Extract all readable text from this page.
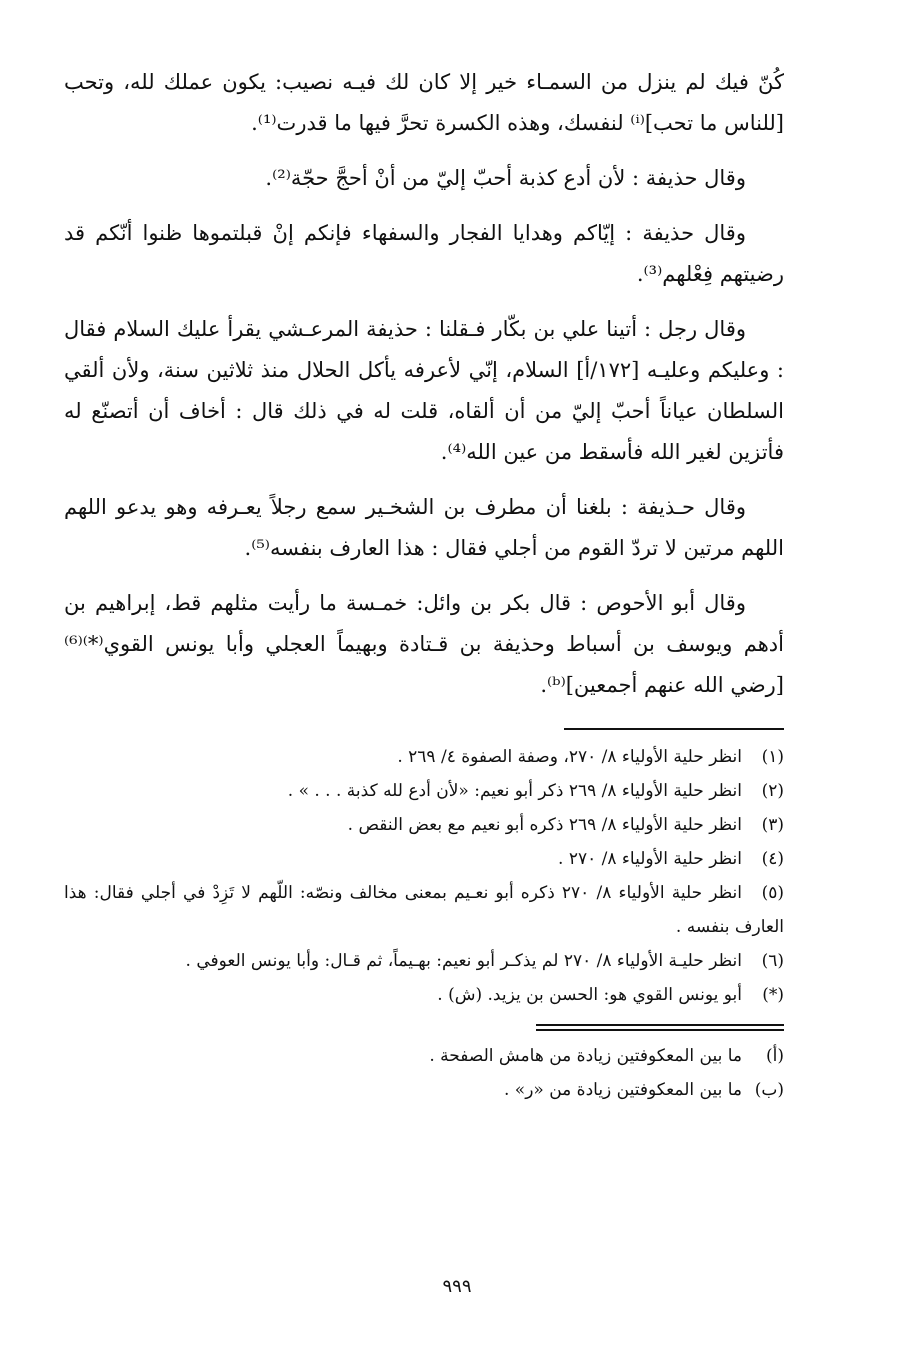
كُنّ فيك لم ينزل من السمـاء خير إلا كان لك فيـه نصيب: يكون عملك لله، وتحب [للناس ما تحب]⁽ⁱ⁾ لنفسك، وهذه الكسرة تحرَّ فيها ما قدرت⁽¹⁾.

وقال حذيفة : لأن أدع كذبة أحبّ إليّ من أنْ أحجَّ حجّة⁽²⁾.

وقال حذيفة : إيّاكم وهدايا الفجار والسفهاء فإنكم إنْ قبلتموها ظنوا أنّكم قد رضيتهم فِعْلهم⁽³⁾.

وقال رجل : أتينا علي بن بكّار فـقلنا : حذيفة المرعـشي يقرأ عليك السلام فقال : وعليكم وعليـه [١٧٢/أ] السلام، إنّي لأعرفه يأكل الحلال منذ ثلاثين سنة، ولأن ألقي السلطان عياناً أحبّ إليّ من أن ألقاه، قلت له في ذلك قال : أخاف أن أتصنّع له فأتزين لغير الله فأسقط من عين الله⁽⁴⁾.

وقال حـذيفة : بلغنا أن مطرف بن الشخـير سمع رجلاً يعـرفه وهو يدعو اللهم اللهم مرتين لا تردّ القوم من أجلي فقال : هذا العارف بنفسه⁽⁵⁾.

وقال أبو الأحوص : قال بكر بن وائل: خمـسة ما رأيت مثلهم قط، إبراهيم بن أدهم ويوسف بن أسباط وحذيفة بن قـتادة وبهيماً العجلي وأبا يونس القوي⁽*⁾⁽⁶⁾ [رضي الله عنهم أجمعين]⁽ᵇ⁾.

(١)انظر حلية الأولياء ٨/ ٢٧٠، وصفة الصفوة ٤/ ٢٦٩ .

(٢)انظر حلية الأولياء ٨/ ٢٦٩ ذكر أبو نعيم: «لأن أدع لله كذبة . . . » .

(٣)انظر حلية الأولياء ٨/ ٢٦٩ ذكره أبو نعيم مع بعض النقص .

(٤)انظر حلية الأولياء ٨/ ٢٧٠ .

(٥)انظر حلية الأولياء ٨/ ٢٧٠ ذكره أبو نعـيم بمعنى مخالف ونصّه: اللّهم لا تَزِدْ في أجلي فقال: هذا العارف بنفسه .

(٦)انظر حليـة الأولياء ٨/ ٢٧٠ لم يذكـر أبو نعيم: بهـيماً، ثم قـال: وأبا يونس العوفي .

(*)أبو يونس القوي هو: الحسن بن يزيد. (ش) .

(أ)ما بين المعكوفتين زيادة من هامش الصفحة .

(ب)ما بين المعكوفتين زيادة من «ر» .

٩٩٩
